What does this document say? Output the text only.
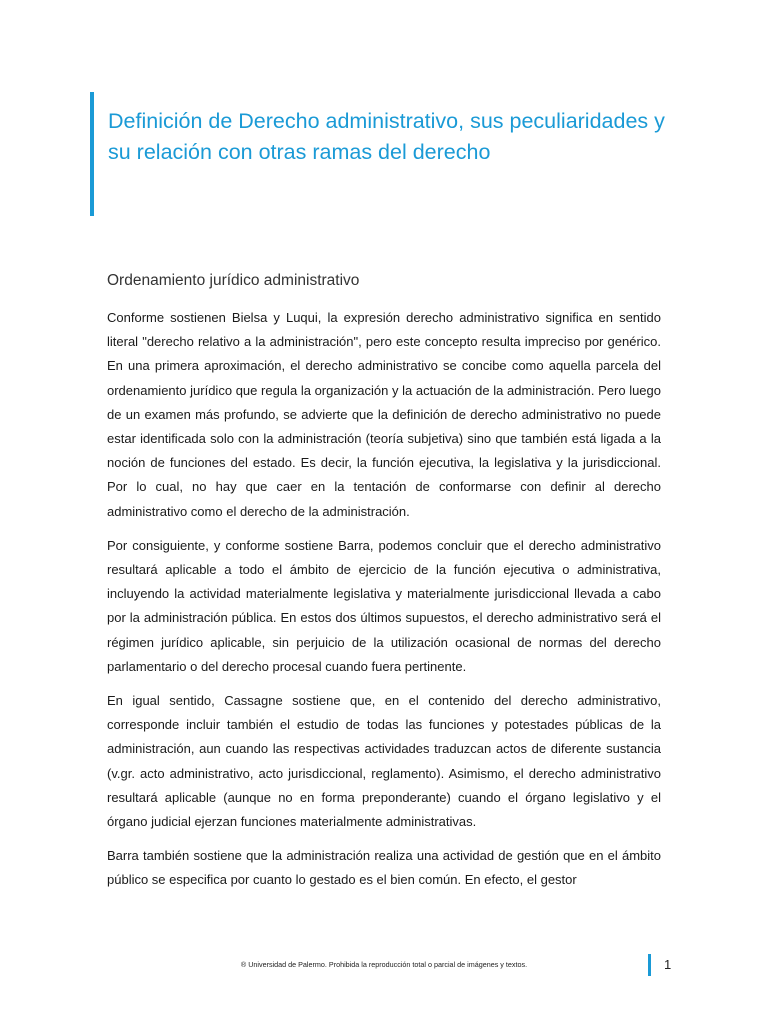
Definición de Derecho administrativo, sus peculiaridades y su relación con otras ramas del derecho
Ordenamiento jurídico administrativo

Conforme sostienen Bielsa y Luqui, la expresión derecho administrativo significa en sentido literal "derecho relativo a la administración", pero este concepto resulta impreciso por genérico. En una primera aproximación, el derecho administrativo se concibe como aquella parcela del ordenamiento jurídico que regula la organización y la actuación de la administración. Pero luego de un examen más profundo, se advierte que la definición de derecho administrativo no puede estar identificada solo con la administración (teoría subjetiva) sino que también está ligada a la noción de funciones del estado. Es decir, la función ejecutiva, la legislativa y la jurisdiccional. Por lo cual, no hay que caer en la tentación de conformarse con definir al derecho administrativo como el derecho de la administración.

Por consiguiente, y conforme sostiene Barra, podemos concluir que el derecho administrativo resultará aplicable a todo el ámbito de ejercicio de la función ejecutiva o administrativa, incluyendo la actividad materialmente legislativa y materialmente jurisdiccional llevada a cabo por la administración pública. En estos dos últimos supuestos, el derecho administrativo será el régimen jurídico aplicable, sin perjuicio de la utilización ocasional de normas del derecho parlamentario o del derecho procesal cuando fuera pertinente.

En igual sentido, Cassagne sostiene que, en el contenido del derecho administrativo, corresponde incluir también el estudio de todas las funciones y potestades públicas de la administración, aun cuando las respectivas actividades traduzcan actos de diferente sustancia (v.gr. acto administrativo, acto jurisdiccional, reglamento). Asimismo, el derecho administrativo resultará aplicable (aunque no en forma preponderante) cuando el órgano legislativo y el órgano judicial ejerzan funciones materialmente administrativas.

Barra también sostiene que la administración realiza una actividad de gestión que en el ámbito público se especifica por cuanto lo gestado es el bien común. En efecto, el gestor

® Universidad de Palermo. Prohibida la reproducción total o parcial de imágenes y textos.	1
